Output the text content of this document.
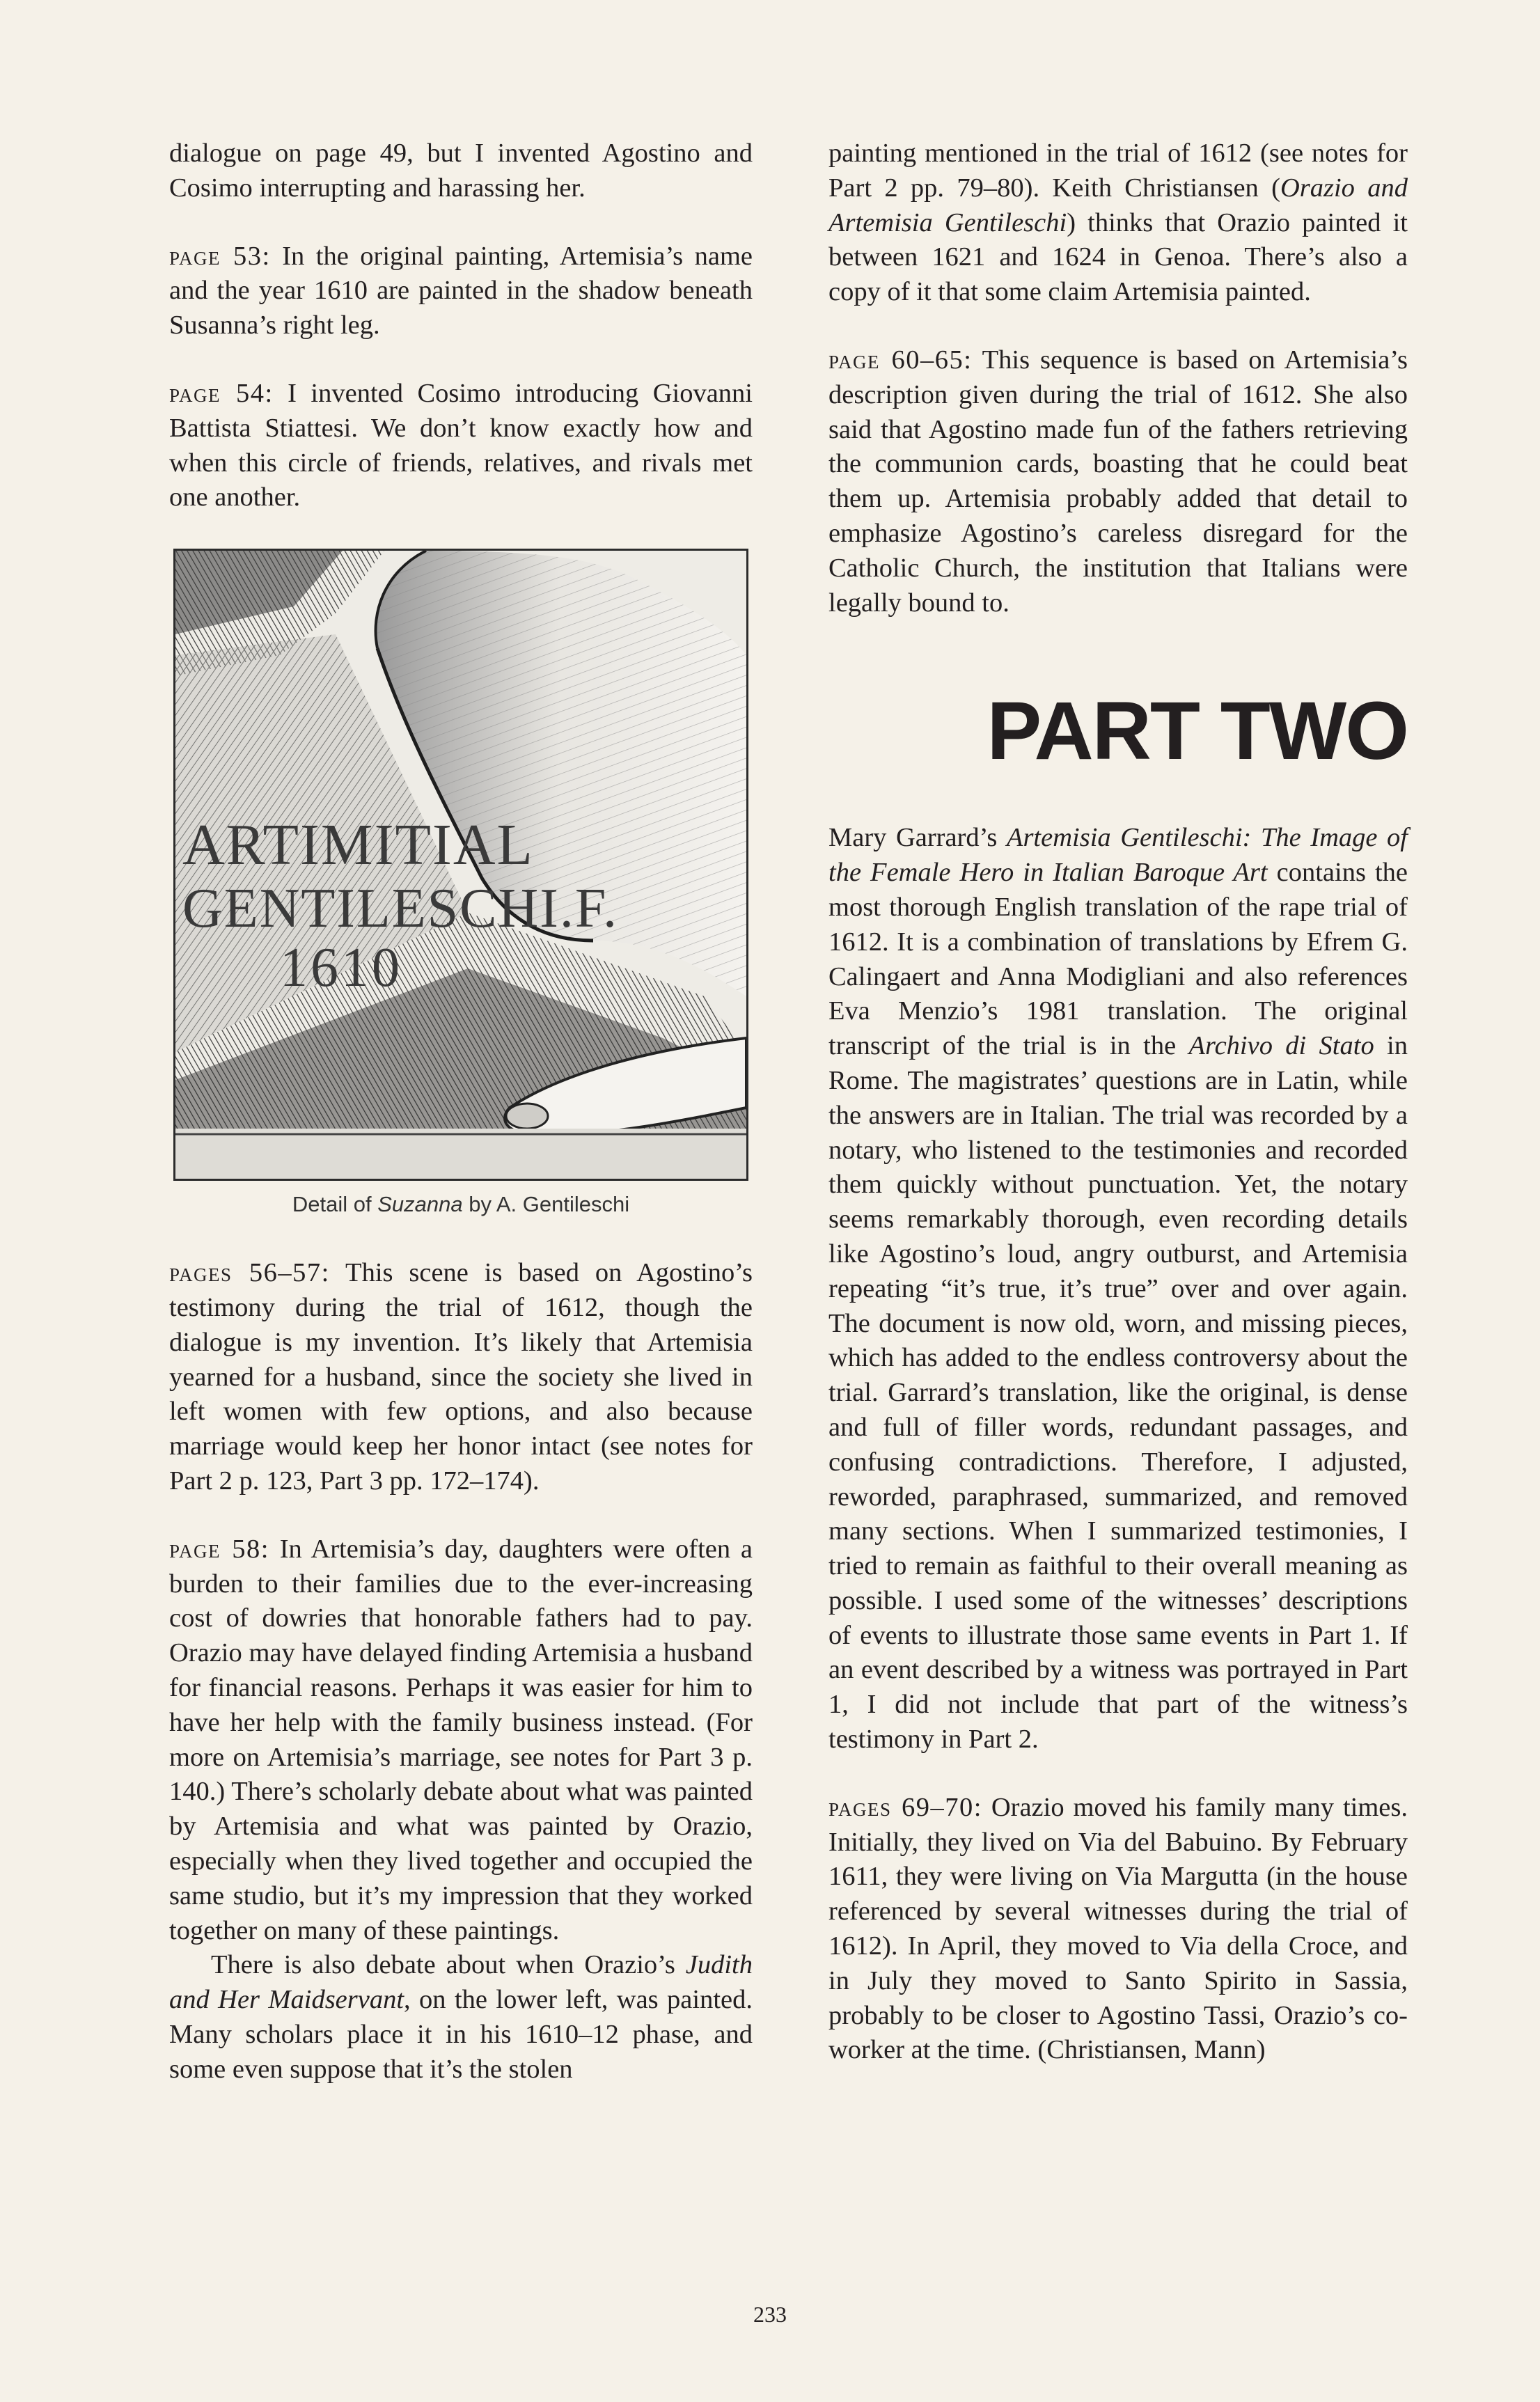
dialogue on page 49, but I invented Agostino and Cosimo interrupting and harassing her.

page 53: In the original painting, Artemisia’s name and the year 1610 are painted in the shadow beneath Susanna’s right leg.

page 54: I invented Cosimo introducing Giovanni Battista Stiattesi. We don’t know exactly how and when this circle of friends, relatives, and rivals met one another.

ARTIMITIAL
GENTILESCHI.F.
1610
Detail of Suzanna by A. Gentileschi

pages 56–57: This scene is based on Agostino’s testimony during the trial of 1612, though the dialogue is my invention. It’s likely that Artemisia yearned for a husband, since the society she lived in left women with few options, and also because marriage would keep her honor intact (see notes for Part 2 p. 123, Part 3 pp. 172–174).

page 58: In Artemisia’s day, daughters were often a burden to their families due to the ever-increasing cost of dowries that honorable fathers had to pay. Orazio may have delayed finding Artemisia a husband for financial reasons. Perhaps it was easier for him to have her help with the family business instead. (For more on Artemisia’s marriage, see notes for Part 3 p. 140.) There’s scholarly debate about what was painted by Artemisia and what was painted by Orazio, especially when they lived together and occupied the same studio, but it’s my impression that they worked together on many of these paintings.

There is also debate about when Orazio’s Judith and Her Maidservant, on the lower left, was painted. Many scholars place it in his 1610–12 phase, and some even suppose that it’s the stolen

painting mentioned in the trial of 1612 (see notes for Part 2 pp. 79–80). Keith Christiansen (Orazio and Artemisia Gentileschi) thinks that Orazio painted it between 1621 and 1624 in Genoa. There’s also a copy of it that some claim Artemisia painted.

page 60–65: This sequence is based on Artemisia’s description given during the trial of 1612. She also said that Agostino made fun of the fathers retrieving the communion cards, boasting that he could beat them up. Artemisia probably added that detail to emphasize Agostino’s careless disregard for the Catholic Church, the institution that Italians were legally bound to.

PART TWO

Mary Garrard’s Artemisia Gentileschi: The Image of the Female Hero in Italian Baroque Art contains the most thorough English translation of the rape trial of 1612. It is a combination of translations by Efrem G. Calingaert and Anna Modigliani and also references Eva Menzio’s 1981 translation. The original transcript of the trial is in the Archivo di Stato in Rome. The magistrates’ questions are in Latin, while the answers are in Italian. The trial was recorded by a notary, who listened to the testimonies and recorded them quickly without punctuation. Yet, the notary seems remarkably thorough, even recording details like Agostino’s loud, angry outburst, and Artemisia repeating “it’s true, it’s true” over and over again. The document is now old, worn, and missing pieces, which has added to the endless controversy about the trial. Garrard’s translation, like the original, is dense and full of filler words, redundant passages, and confusing contradictions. Therefore, I adjusted, reworded, paraphrased, summarized, and removed many sections. When I summarized testimonies, I tried to remain as faithful to their overall meaning as possible. I used some of the witnesses’ descriptions of events to illustrate those same events in Part 1. If an event described by a witness was portrayed in Part 1, I did not include that part of the witness’s testimony in Part 2.

pages 69–70: Orazio moved his family many times. Initially, they lived on Via del Babuino. By February 1611, they were living on Via Margutta (in the house referenced by several witnesses during the trial of 1612). In April, they moved to Via della Croce, and in July they moved to Santo Spirito in Sassia, probably to be closer to Agostino Tassi, Orazio’s co-worker at the time. (Christiansen, Mann)

233
